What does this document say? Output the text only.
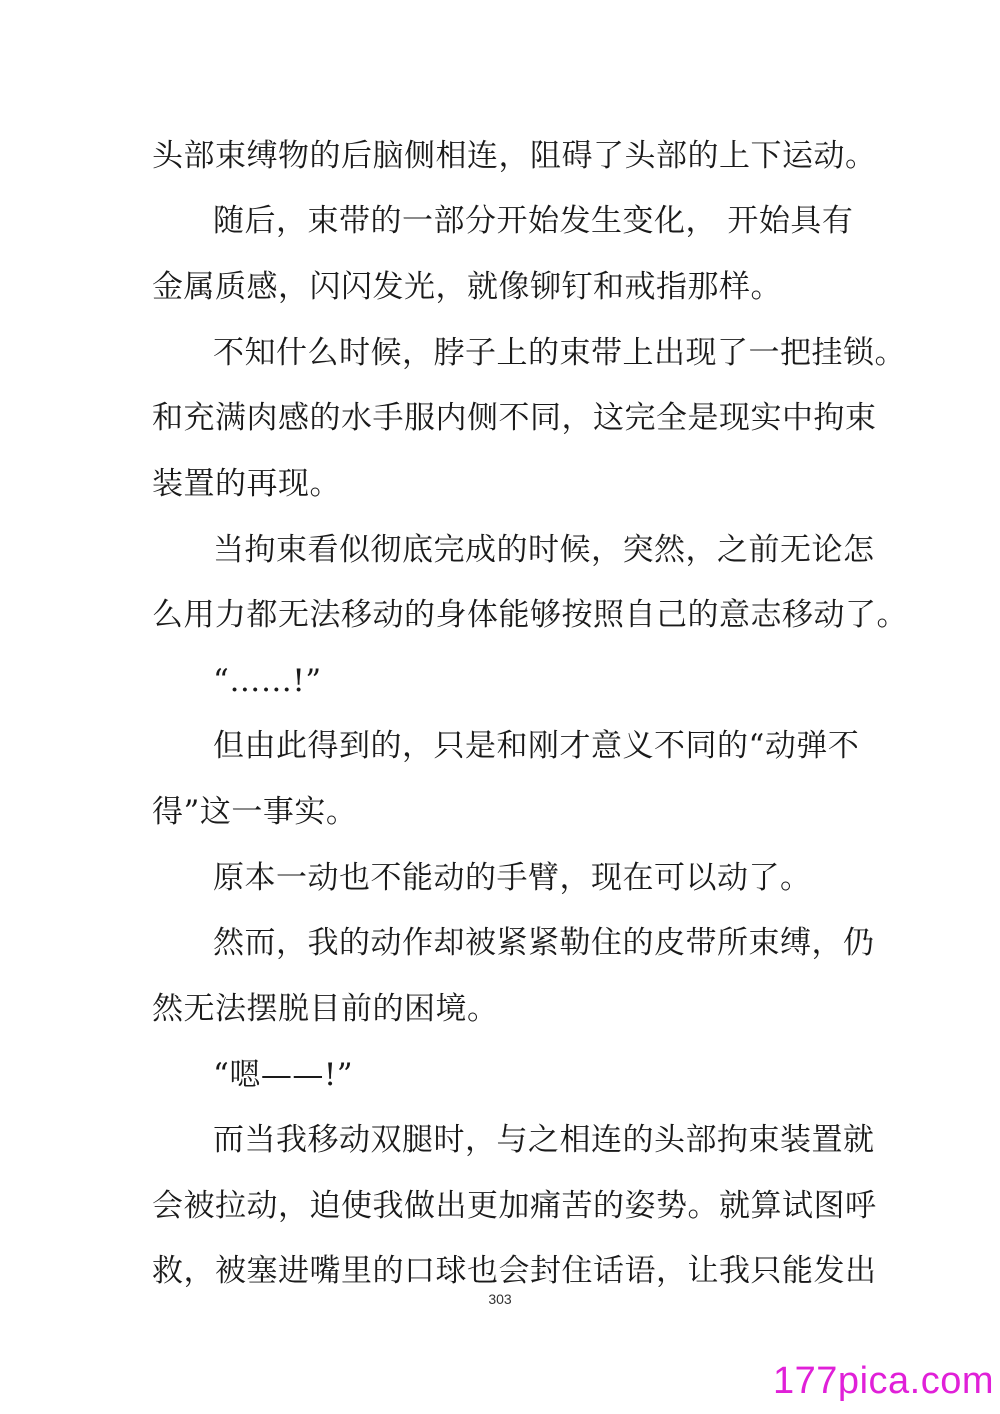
头部束缚物的后脑侧相连，阻碍了头部的上下运动。
随后，束带的一部分开始发生变化， 开始具有
金属质感，闪闪发光，就像铆钉和戒指那样。
不知什么时候，脖子上的束带上出现了一把挂锁。
和充满肉感的水手服内侧不同，这完全是现实中拘束
装置的再现。
当拘束看似彻底完成的时候，突然，之前无论怎
么用力都无法移动的身体能够按照自己的意志移动了。
“……!”
但由此得到的，只是和刚才意义不同的“动弹不
得”这一事实。
原本一动也不能动的手臂，现在可以动了。
然而，我的动作却被紧紧勒住的皮带所束缚，仍
然无法摆脱目前的困境。
“嗯——!”
而当我移动双腿时，与之相连的头部拘束装置就
会被拉动，迫使我做出更加痛苦的姿势。就算试图呼
救，被塞进嘴里的口球也会封住话语，让我只能发出
303
177pica.com
